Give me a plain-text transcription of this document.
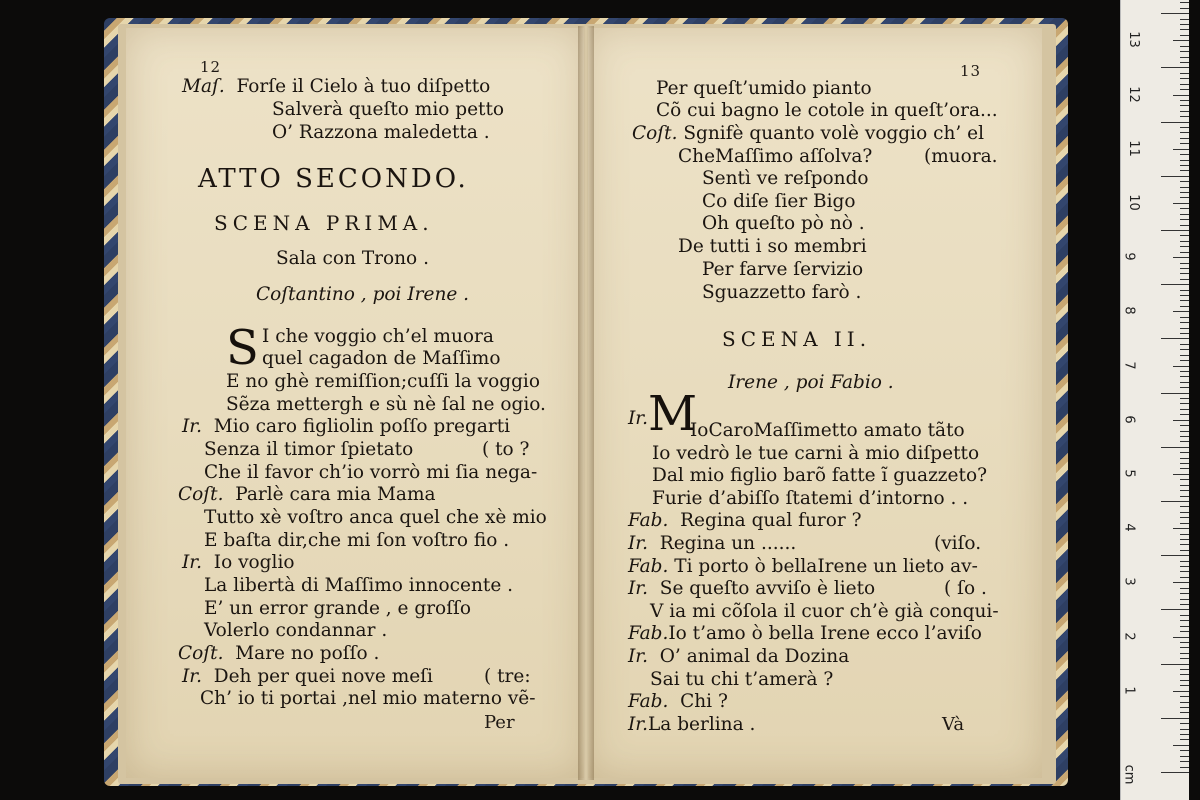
12
Maſ. Forſe il Cielo à tuo diſpetto
Salverà queſto mio petto
O’ Razzona maledetta .
ATTO SECONDO.
SCENA PRIMA.
Sala con Trono .
Coſtantino , poi Irene .
S I che voggio ch’el muora
quel cagadon de Maſſimo
E no ghè remiſſion;cuſſi la voggio
Sẽza mettergh e sù nè ſal ne ogio.
Ir. Mio caro figliolin poſſo pregarti
Senza il timor ſpietato	( to ?
Che il favor ch’io vorrò mi ſia nega-
Coſt. Parlè cara mia Mama
Tutto xè voſtro anca quel che xè mio
E baſta dir,che mi ſon voſtro fio .
Ir. Io voglio
La libertà di Maſſimo innocente .
E’ un error grande , e groſſo
Volerlo condannar .
Coſt. Mare no poſſo .
Ir. Deh per quei nove meſi	( tre:
Ch’ io ti portai ,nel mio materno vẽ-
Per
13
Per queſt’umido pianto
Cõ cui bagno le cotole in queſt’ora...
Coſt. Sgnifè quanto volè voggio ch’ el
CheMaſſimo aſſolva?	(muora.
Sentì ve reſpondo
Co diſe ſier Bigo
Oh queſto pò nò .
De tutti i so membri
Per farve ſervizio
Sguazzetto farò .
SCENA II.
Irene , poi Fabio .
Ir. M
IoCaroMaſſimetto amato tãto
Io vedrò le tue carni à mio diſpetto
Dal mio figlio barõ fatte ĩ guazzeto?
Furie d’abiſſo ſtatemi d’intorno . .
Fab. Regina qual furor ?
Ir. Regina un ......	(viſo.
Fab. Ti porto ò bellaIrene un lieto av-
Ir. Se queſto avviſo è lieto	( ſo .
V ia mi cõſola il cuor ch’è già conqui-
Fab.Io t’amo ò bella Irene ecco l’aviſo
Ir. O’ animal da Dozina
Sai tu chi t’amerà ?
Fab. Chi ?
Ir.La berlina .	Và
cm
1
2
3
4
5
6
7
8
9
10
11
12
13
